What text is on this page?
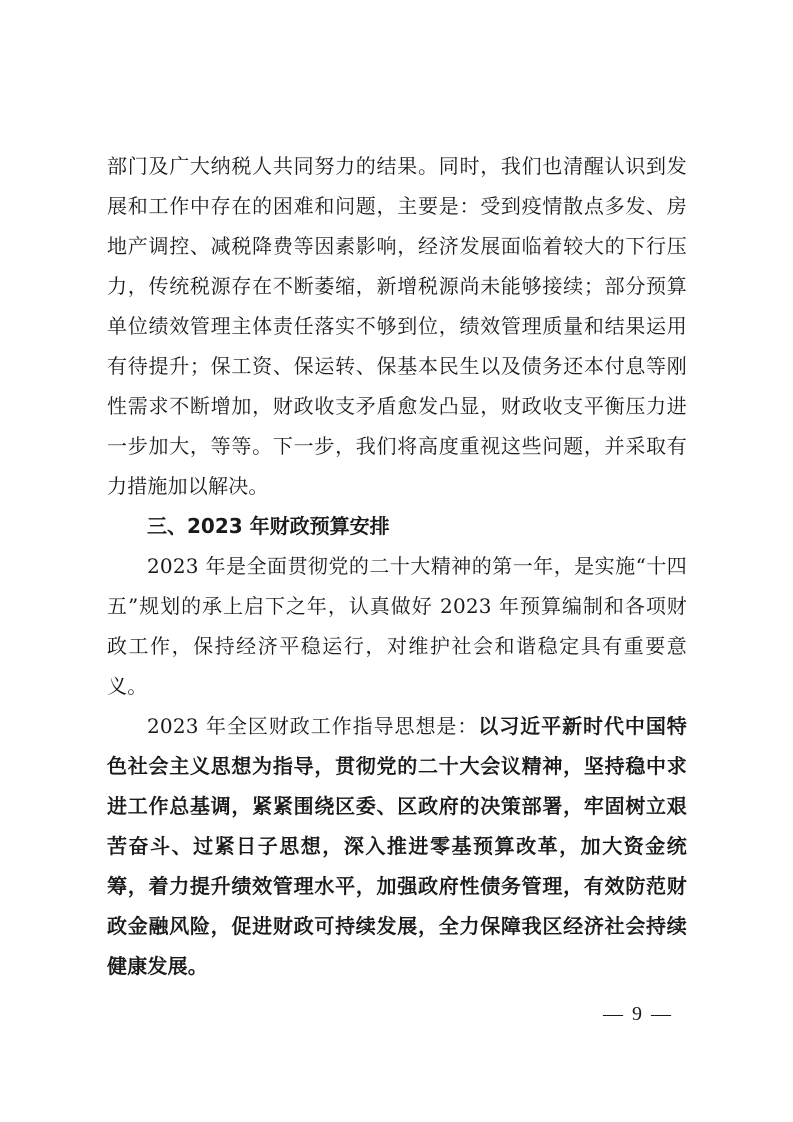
部门及广大纳税人共同努力的结果。同时，我们也清醒认识到发展和工作中存在的困难和问题，主要是：受到疫情散点多发、房地产调控、减税降费等因素影响，经济发展面临着较大的下行压力，传统税源存在不断萎缩，新增税源尚未能够接续；部分预算单位绩效管理主体责任落实不够到位，绩效管理质量和结果运用有待提升；保工资、保运转、保基本民生以及债务还本付息等刚性需求不断增加，财政收支矛盾愈发凸显，财政收支平衡压力进一步加大，等等。下一步，我们将高度重视这些问题，并采取有力措施加以解决。

三、2023 年财政预算安排

2023 年是全面贯彻党的二十大精神的第一年，是实施“十四五”规划的承上启下之年，认真做好 2023 年预算编制和各项财政工作，保持经济平稳运行，对维护社会和谐稳定具有重要意义。

2023 年全区财政工作指导思想是：以习近平新时代中国特色社会主义思想为指导，贯彻党的二十大会议精神，坚持稳中求进工作总基调，紧紧围绕区委、区政府的决策部署，牢固树立艰苦奋斗、过紧日子思想，深入推进零基预算改革，加大资金统筹，着力提升绩效管理水平，加强政府性债务管理，有效防范财政金融风险，促进财政可持续发展，全力保障我区经济社会持续健康发展。

— 9 —
